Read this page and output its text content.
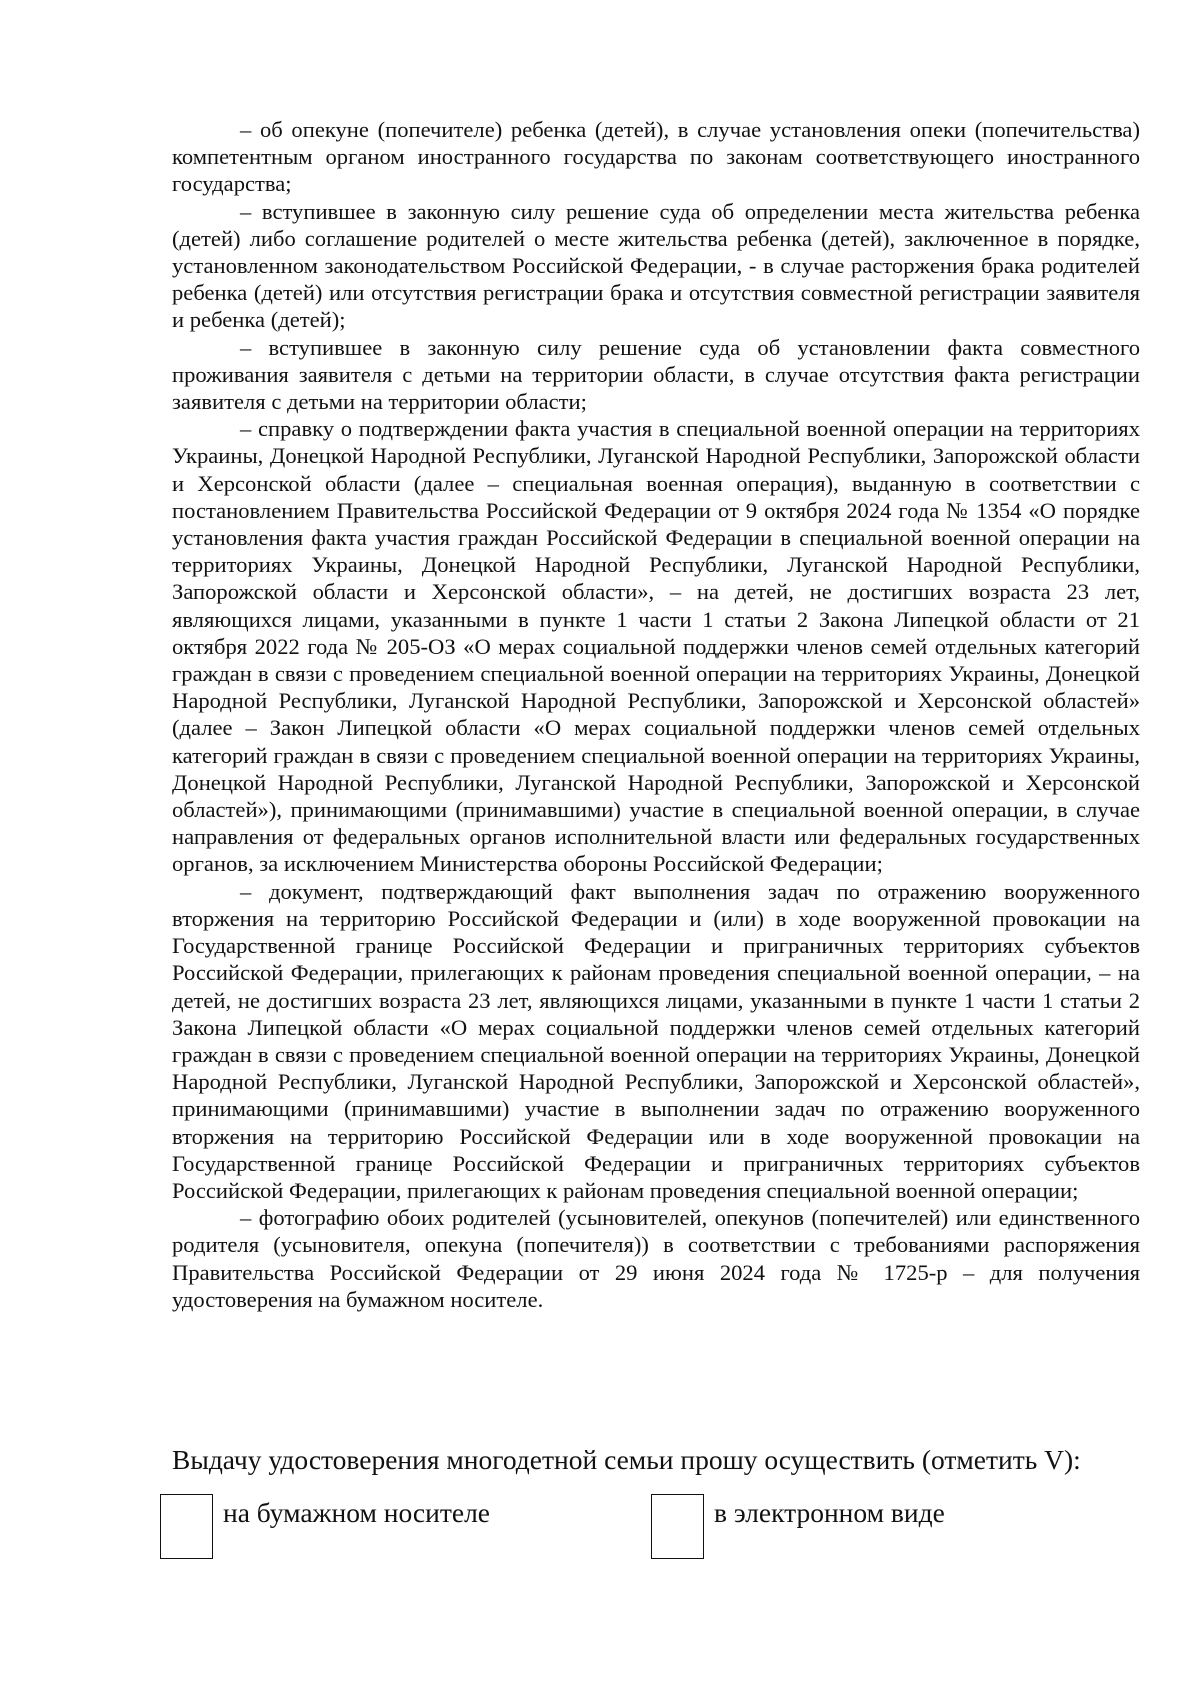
– об опекуне (попечителе) ребенка (детей), в случае установления опеки (попечительства) компетентным органом иностранного государства по законам соответствующего иностранного государства;

– вступившее в законную силу решение суда об определении места жительства ребенка (детей) либо соглашение родителей о месте жительства ребенка (детей), заключенное в порядке, установленном законодательством Российской Федерации, - в случае расторжения брака родителей ребенка (детей) или отсутствия регистрации брака и отсутствия совместной регистрации заявителя и ребенка (детей);

– вступившее в законную силу решение суда об установлении факта совместного проживания заявителя с детьми на территории области, в случае отсутствия факта регистрации заявителя с детьми на территории области;

– справку о подтверждении факта участия в специальной военной операции на территориях Украины, Донецкой Народной Республики, Луганской Народной Республики, Запорожской области и Херсонской области (далее – специальная военная операция), выданную в соответствии с постановлением Правительства Российской Федерации от 9 октября 2024 года № 1354 «О порядке установления факта участия граждан Российской Федерации в специальной военной операции на территориях Украины, Донецкой Народной Республики, Луганской Народной Республики, Запорожской области и Херсонской области», – на детей, не достигших возраста 23 лет, являющихся лицами, указанными в пункте 1 части 1 статьи 2 Закона Липецкой области от 21 октября 2022 года № 205-ОЗ «О мерах социальной поддержки членов семей отдельных категорий граждан в связи с проведением специальной военной операции на территориях Украины, Донецкой Народной Республики, Луганской Народной Республики, Запорожской и Херсонской областей» (далее – Закон Липецкой области «О мерах социальной поддержки членов семей отдельных категорий граждан в связи с проведением специальной военной операции на территориях Украины, Донецкой Народной Республики, Луганской Народной Республики, Запорожской и Херсонской областей»), принимающими (принимавшими) участие в специальной военной операции, в случае направления от федеральных органов исполнительной власти или федеральных государственных органов, за исключением Министерства обороны Российской Федерации;

– документ, подтверждающий факт выполнения задач по отражению вооруженного вторжения на территорию Российской Федерации и (или) в ходе вооруженной провокации на Государственной границе Российской Федерации и приграничных территориях субъектов Российской Федерации, прилегающих к районам проведения специальной военной операции, – на детей, не достигших возраста 23 лет, являющихся лицами, указанными в пункте 1 части 1 статьи 2 Закона Липецкой области «О мерах социальной поддержки членов семей отдельных категорий граждан в связи с проведением специальной военной операции на территориях Украины, Донецкой Народной Республики, Луганской Народной Республики, Запорожской и Херсонской областей», принимающими (принимавшими) участие в выполнении задач по отражению вооруженного вторжения на территорию Российской Федерации или в ходе вооруженной провокации на Государственной границе Российской Федерации и приграничных территориях субъектов Российской Федерации, прилегающих к районам проведения специальной военной операции;

– фотографию обоих родителей (усыновителей, опекунов (попечителей) или единственного родителя (усыновителя, опекуна (попечителя)) в соответствии с требованиями распоряжения Правительства Российской Федерации от 29 июня 2024 года № 1725-р – для получения удостоверения на бумажном носителе.

Выдачу удостоверения многодетной семьи прошу осуществить (отметить V):

на бумажном носителе	в электронном виде
